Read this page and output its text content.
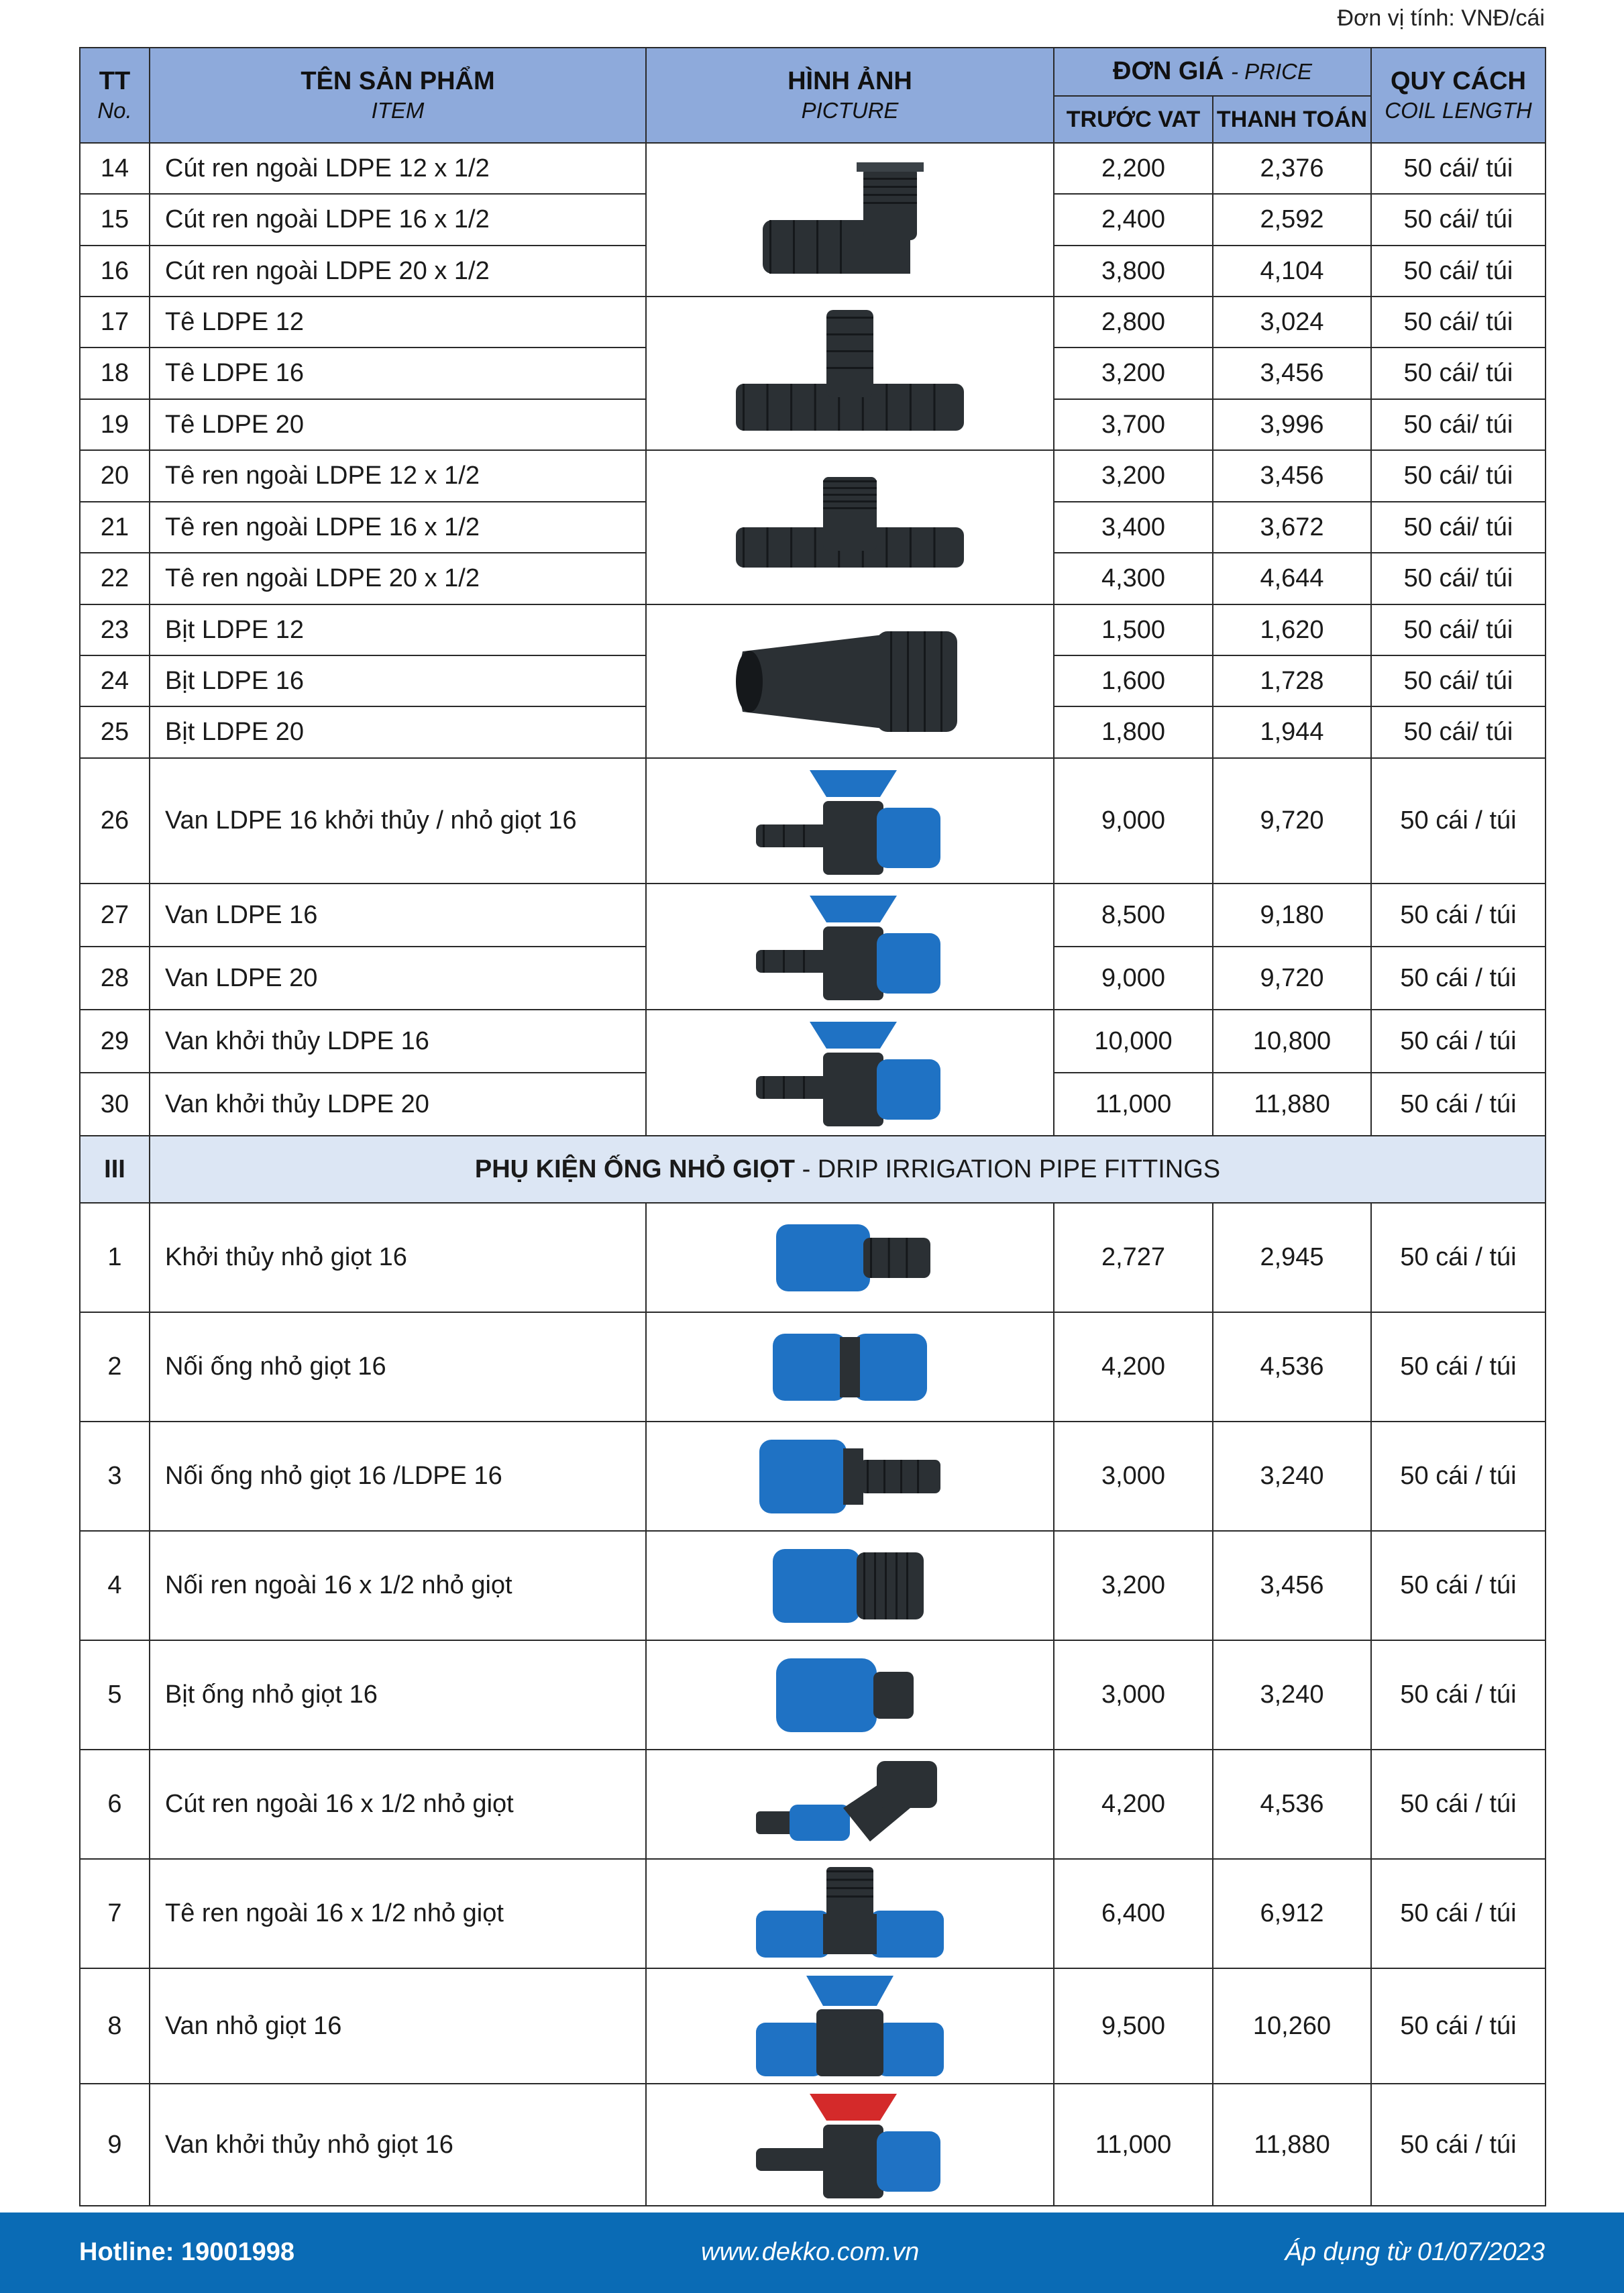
Đơn vị tính: VNĐ/cái
TT
No.	TÊN SẢN PHẨM
ITEM	HÌNH ẢNH
PICTURE	ĐƠN GIÁ - PRICE		QUY CÁCH
COIL LENGTH

			TRƯỚC VAT	THANH TOÁN	
14	Cút ren ngoài LDPE 12 x 1/2		2,200	2,376	50 cái/ túi
15	Cút ren ngoài LDPE 16 x 1/2		2,400	2,592	50 cái/ túi
16	Cút ren ngoài LDPE 20 x 1/2		3,800	4,104	50 cái/ túi
17	Tê LDPE 12		2,800	3,024	50 cái/ túi
18	Tê LDPE 16		3,200	3,456	50 cái/ túi
19	Tê LDPE 20		3,700	3,996	50 cái/ túi
20	Tê ren ngoài LDPE 12 x 1/2		3,200	3,456	50 cái/ túi
21	Tê ren ngoài LDPE 16 x 1/2		3,400	3,672	50 cái/ túi
22	Tê ren ngoài LDPE 20 x 1/2		4,300	4,644	50 cái/ túi
23	Bịt LDPE 12		1,500	1,620	50 cái/ túi
24	Bịt LDPE 16		1,600	1,728	50 cái/ túi
25	Bịt LDPE 20		1,800	1,944	50 cái/ túi
26	Van LDPE 16 khởi thủy / nhỏ giọt 16		9,000	9,720	50 cái / túi
27	Van LDPE 16		8,500	9,180	50 cái / túi
28	Van LDPE 20		9,000	9,720	50 cái / túi
29	Van khởi thủy LDPE 16		10,000	10,800	50 cái / túi
30	Van khởi thủy LDPE 20		11,000	11,880	50 cái / túi
III	PHỤ KIỆN ỐNG NHỎ GIỌT - DRIP IRRIGATION PIPE FITTINGS				
1	Khởi thủy nhỏ giọt 16		2,727	2,945	50 cái / túi
2	Nối ống nhỏ giọt 16		4,200	4,536	50 cái / túi
3	Nối ống nhỏ giọt 16 /LDPE 16		3,000	3,240	50 cái / túi
4	Nối ren ngoài 16 x 1/2 nhỏ giọt		3,200	3,456	50 cái / túi
5	Bịt ống nhỏ giọt 16		3,000	3,240	50 cái / túi
6	Cút ren ngoài 16 x 1/2 nhỏ giọt		4,200	4,536	50 cái / túi
7	Tê ren ngoài 16 x 1/2 nhỏ giọt		6,400	6,912	50 cái / túi
8	Van nhỏ giọt 16		9,500	10,260	50 cái / túi
9	Van khởi thủy nhỏ giọt 16		11,000	11,880	50 cái / túi
Hotline: 19001998	www.dekko.com.vn	Áp dụng từ 01/07/2023
